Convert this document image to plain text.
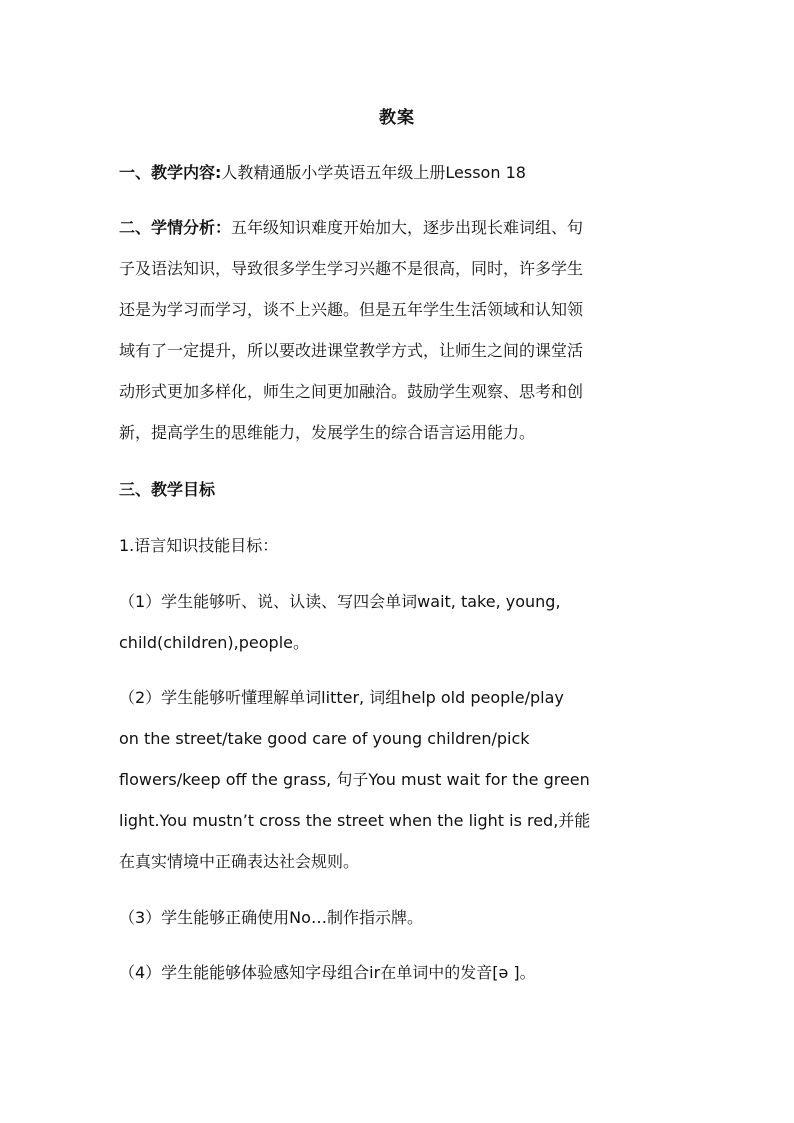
教案
一、教学内容:人教精通版小学英语五年级上册Lesson 18
二、学情分析：五年级知识难度开始加大，逐步出现长难词组、句
子及语法知识，导致很多学生学习兴趣不是很高，同时，许多学生
还是为学习而学习，谈不上兴趣。但是五年学生生活领域和认知领
域有了一定提升，所以要改进课堂教学方式，让师生之间的课堂活
动形式更加多样化，师生之间更加融洽。鼓励学生观察、思考和创
新，提高学生的思维能力，发展学生的综合语言运用能力。
三、教学目标
1.语言知识技能目标：
（1）学生能够听、说、认读、写四会单词wait, take, young,
child(children),people。
（2）学生能够听懂理解单词litter, 词组help old people/play
on the street/take good care of young children/pick
flowers/keep off the grass, 句子You must wait for the green
light.You mustn’t cross the street when the light is red,并能
在真实情境中正确表达社会规则。
（3）学生能够正确使用No…制作指示牌。
（4）学生能能够体验感知字母组合ir在单词中的发音[ə ]。
